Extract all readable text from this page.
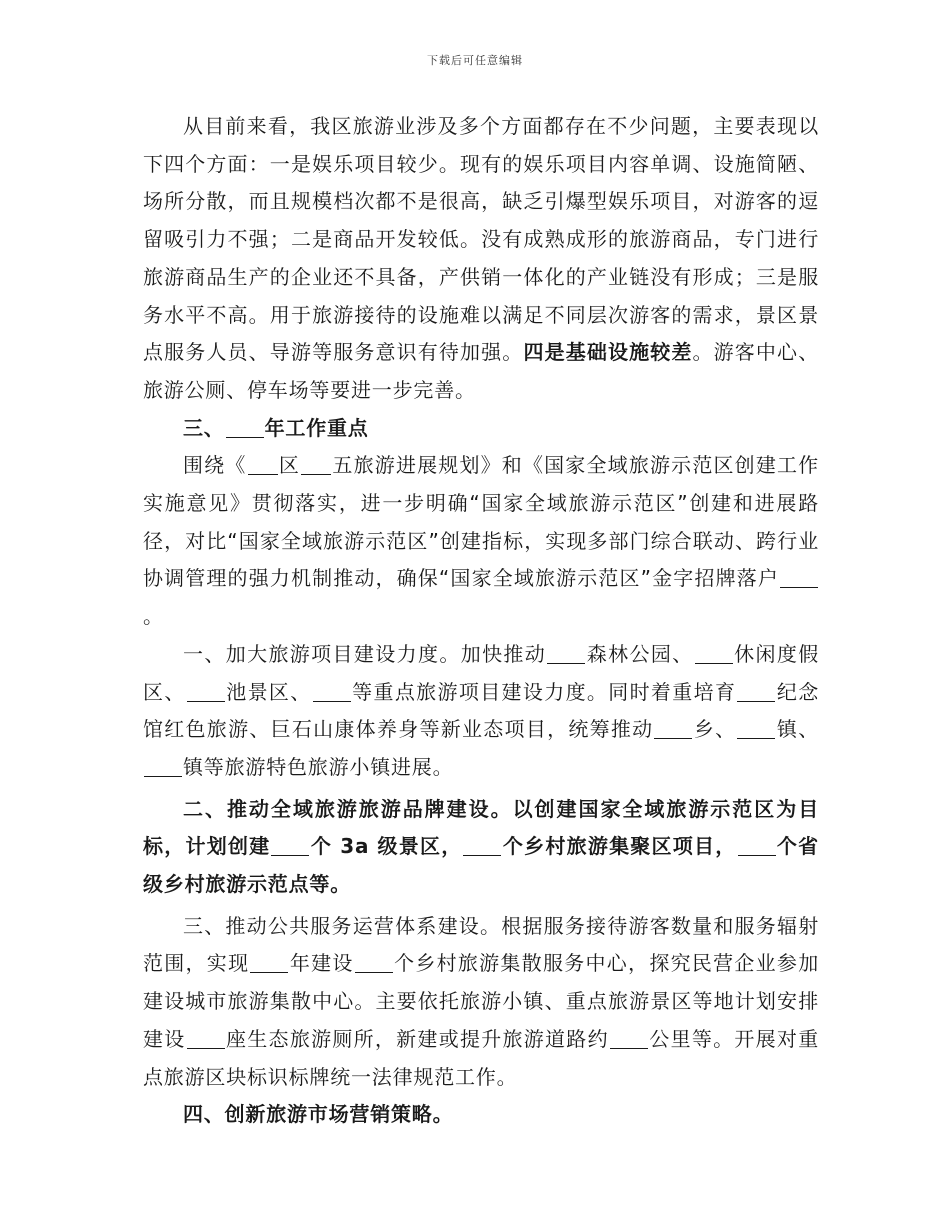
下载后可任意编辑

从目前来看，我区旅游业涉及多个方面都存在不少问题，主要表现以下四个方面：一是娱乐项目较少。现有的娱乐项目内容单调、设施简陋、场所分散，而且规模档次都不是很高，缺乏引爆型娱乐项目，对游客的逗留吸引力不强；二是商品开发较低。没有成熟成形的旅游商品，专门进行旅游商品生产的企业还不具备，产供销一体化的产业链没有形成；三是服务水平不高。用于旅游接待的设施难以满足不同层次游客的需求，景区景点服务人员、导游等服务意识有待加强。四是基础设施较差。游客中心、旅游公厕、停车场等要进一步完善。

三、 年工作重点

围绕《 区 五旅游进展规划》和《国家全域旅游示范区创建工作实施意见》贯彻落实，进一步明确“国家全域旅游示范区”创建和进展路径，对比“国家全域旅游示范区”创建指标，实现多部门综合联动、跨行业协调管理的强力机制推动，确保“国家全域旅游示范区”金字招牌落户。

一、加大旅游项目建设力度。加快推动 森林公园、 休闲度假区、 池景区、 等重点旅游项目建设力度。同时着重培育 纪念馆红色旅游、巨石山康体养身等新业态项目，统筹推动 乡、 镇、镇等旅游特色旅游小镇进展。

二、推动全域旅游旅游品牌建设。以创建国家全域旅游示范区为目标，计划创建 个 3a 级景区， 个乡村旅游集聚区项目， 个省级乡村旅游示范点等。

三、推动公共服务运营体系建设。根据服务接待游客数量和服务辐射范围，实现 年建设 个乡村旅游集散服务中心，探究民营企业参加建设城市旅游集散中心。主要依托旅游小镇、重点旅游景区等地计划安排建设 座生态旅游厕所，新建或提升旅游道路约 公里等。开展对重点旅游区块标识标牌统一法律规范工作。

四、创新旅游市场营销策略。
